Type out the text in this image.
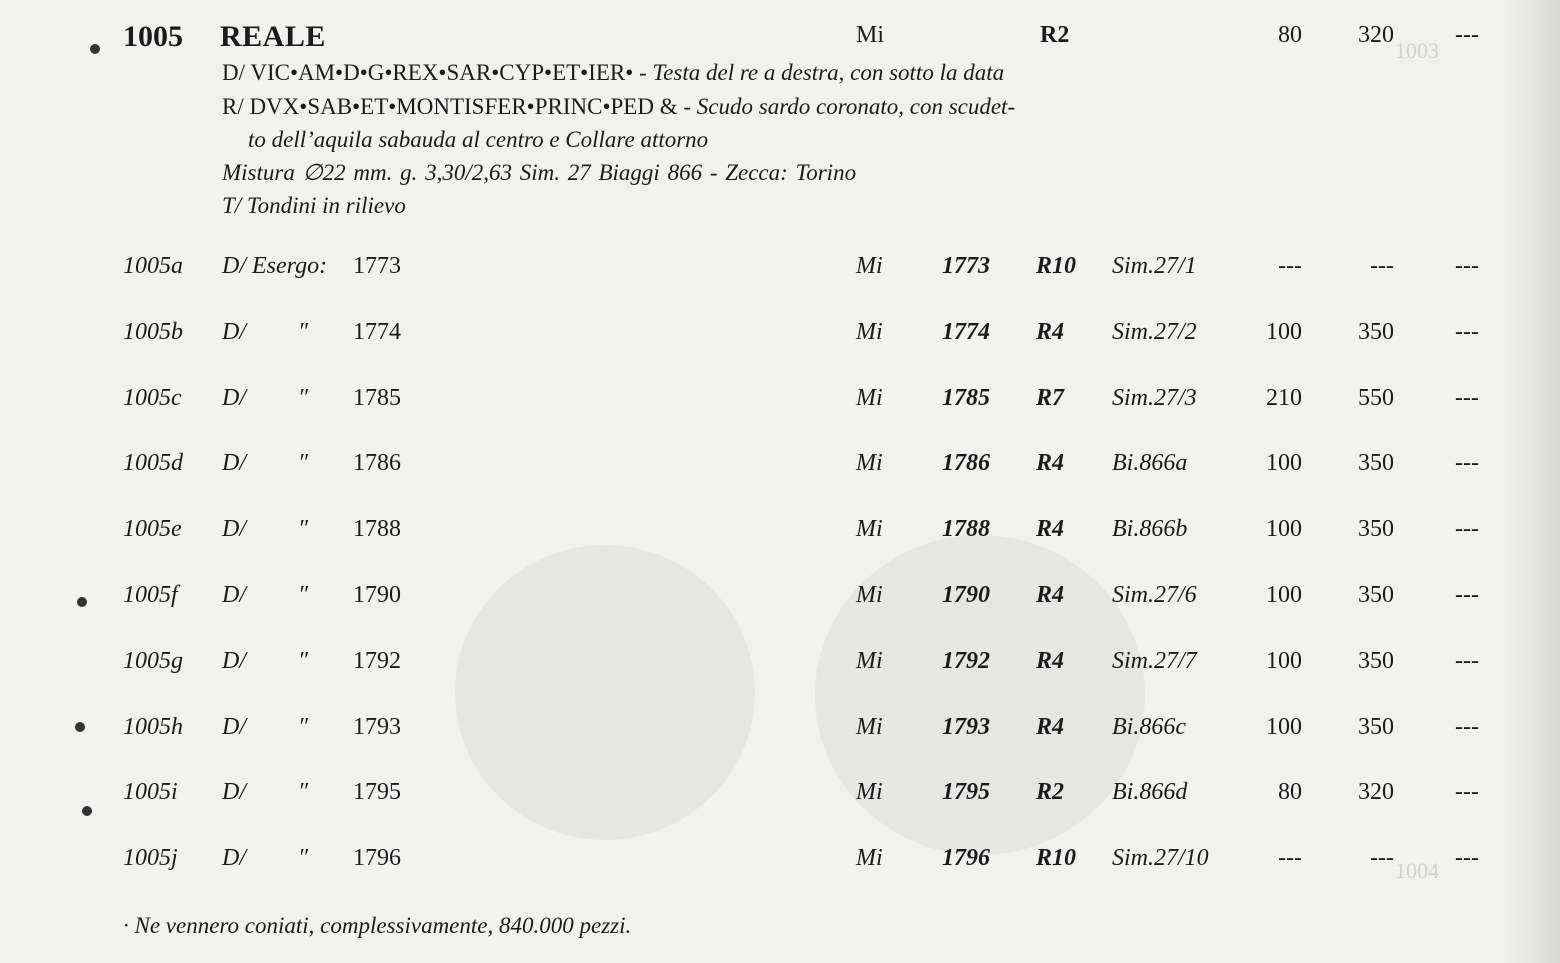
1003
1004
1005 REALE	Mi	R2	80	320	---
D/ VIC•AM•D•G•REX•SAR•CYP•ET•IER• - Testa del re a destra, con sotto la data
R/ DVX•SAB•ET•MONTISFER•PRINC•PED & - Scudo sardo coronato, con scudet-
to dell’aquila sabauda al centro e Collare attorno
Mistura ∅22 mm. g. 3,30/2,63 Sim. 27 Biaggi 866 - Zecca: Torino
T/ Tondini in rilievo
1005a D/ Esergo: 1773	Mi 1773 R10 Sim.27/1	---	---	---
1005b D/ ″ 1774	Mi 1774 R4 Sim.27/2	100	350	---
1005c D/ ″ 1785	Mi 1785 R7 Sim.27/3	210	550	---
1005d D/ ″ 1786	Mi 1786 R4 Bi.866a	100	350	---
1005e D/ ″ 1788	Mi 1788 R4 Bi.866b	100	350	---
1005f D/ ″ 1790	Mi 1790 R4 Sim.27/6	100	350	---
1005g D/ ″ 1792	Mi 1792 R4 Sim.27/7	100	350	---
1005h D/ ″ 1793	Mi 1793 R4 Bi.866c	100	350	---
1005i D/ ″ 1795	Mi 1795 R2 Bi.866d	80	320	---
1005j D/ ″ 1796	Mi 1796 R10 Sim.27/10	---	---	---
· Ne vennero coniati, complessivamente, 840.000 pezzi.
